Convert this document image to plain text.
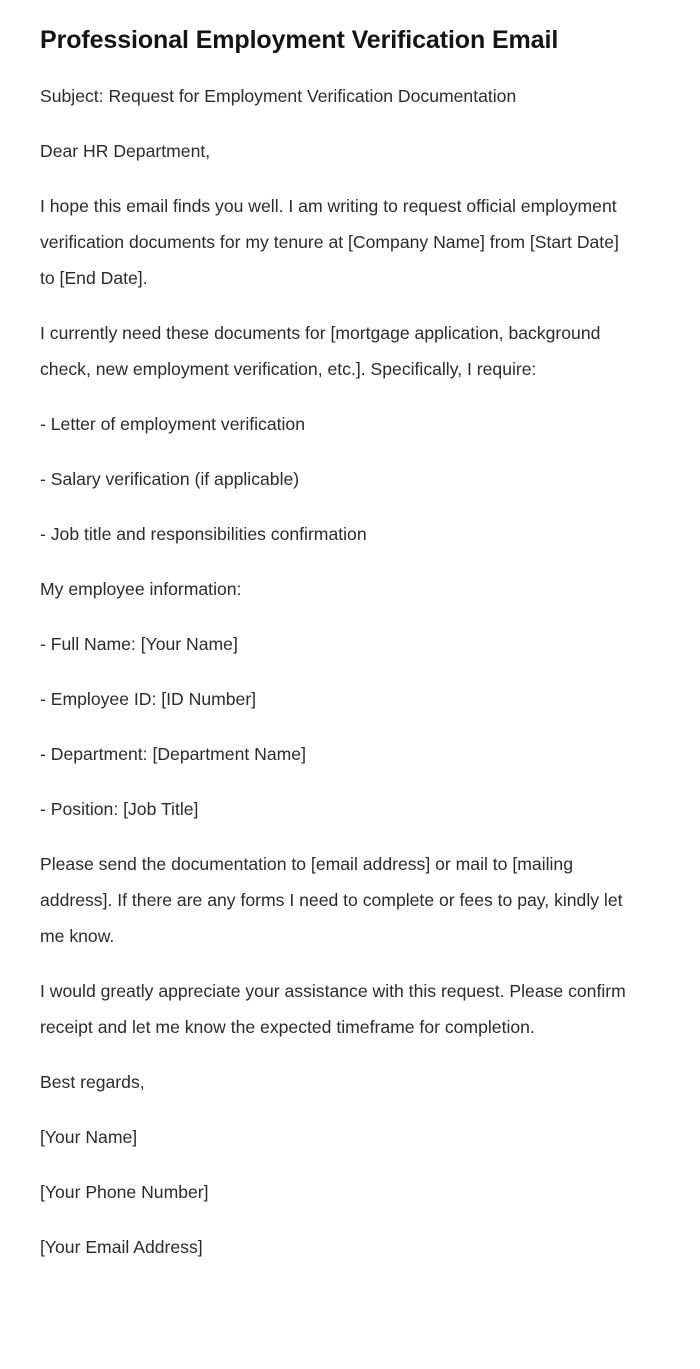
Professional Employment Verification Email

Subject: Request for Employment Verification Documentation

Dear HR Department,

I hope this email finds you well. I am writing to request official employment verification documents for my tenure at [Company Name] from [Start Date] to [End Date].

I currently need these documents for [mortgage application, background check, new employment verification, etc.]. Specifically, I require:

- Letter of employment verification

- Salary verification (if applicable)

- Job title and responsibilities confirmation

My employee information:

- Full Name: [Your Name]

- Employee ID: [ID Number]

- Department: [Department Name]

- Position: [Job Title]

Please send the documentation to [email address] or mail to [mailing address]. If there are any forms I need to complete or fees to pay, kindly let me know.

I would greatly appreciate your assistance with this request. Please confirm receipt and let me know the expected timeframe for completion.

Best regards,

[Your Name]

[Your Phone Number]

[Your Email Address]
